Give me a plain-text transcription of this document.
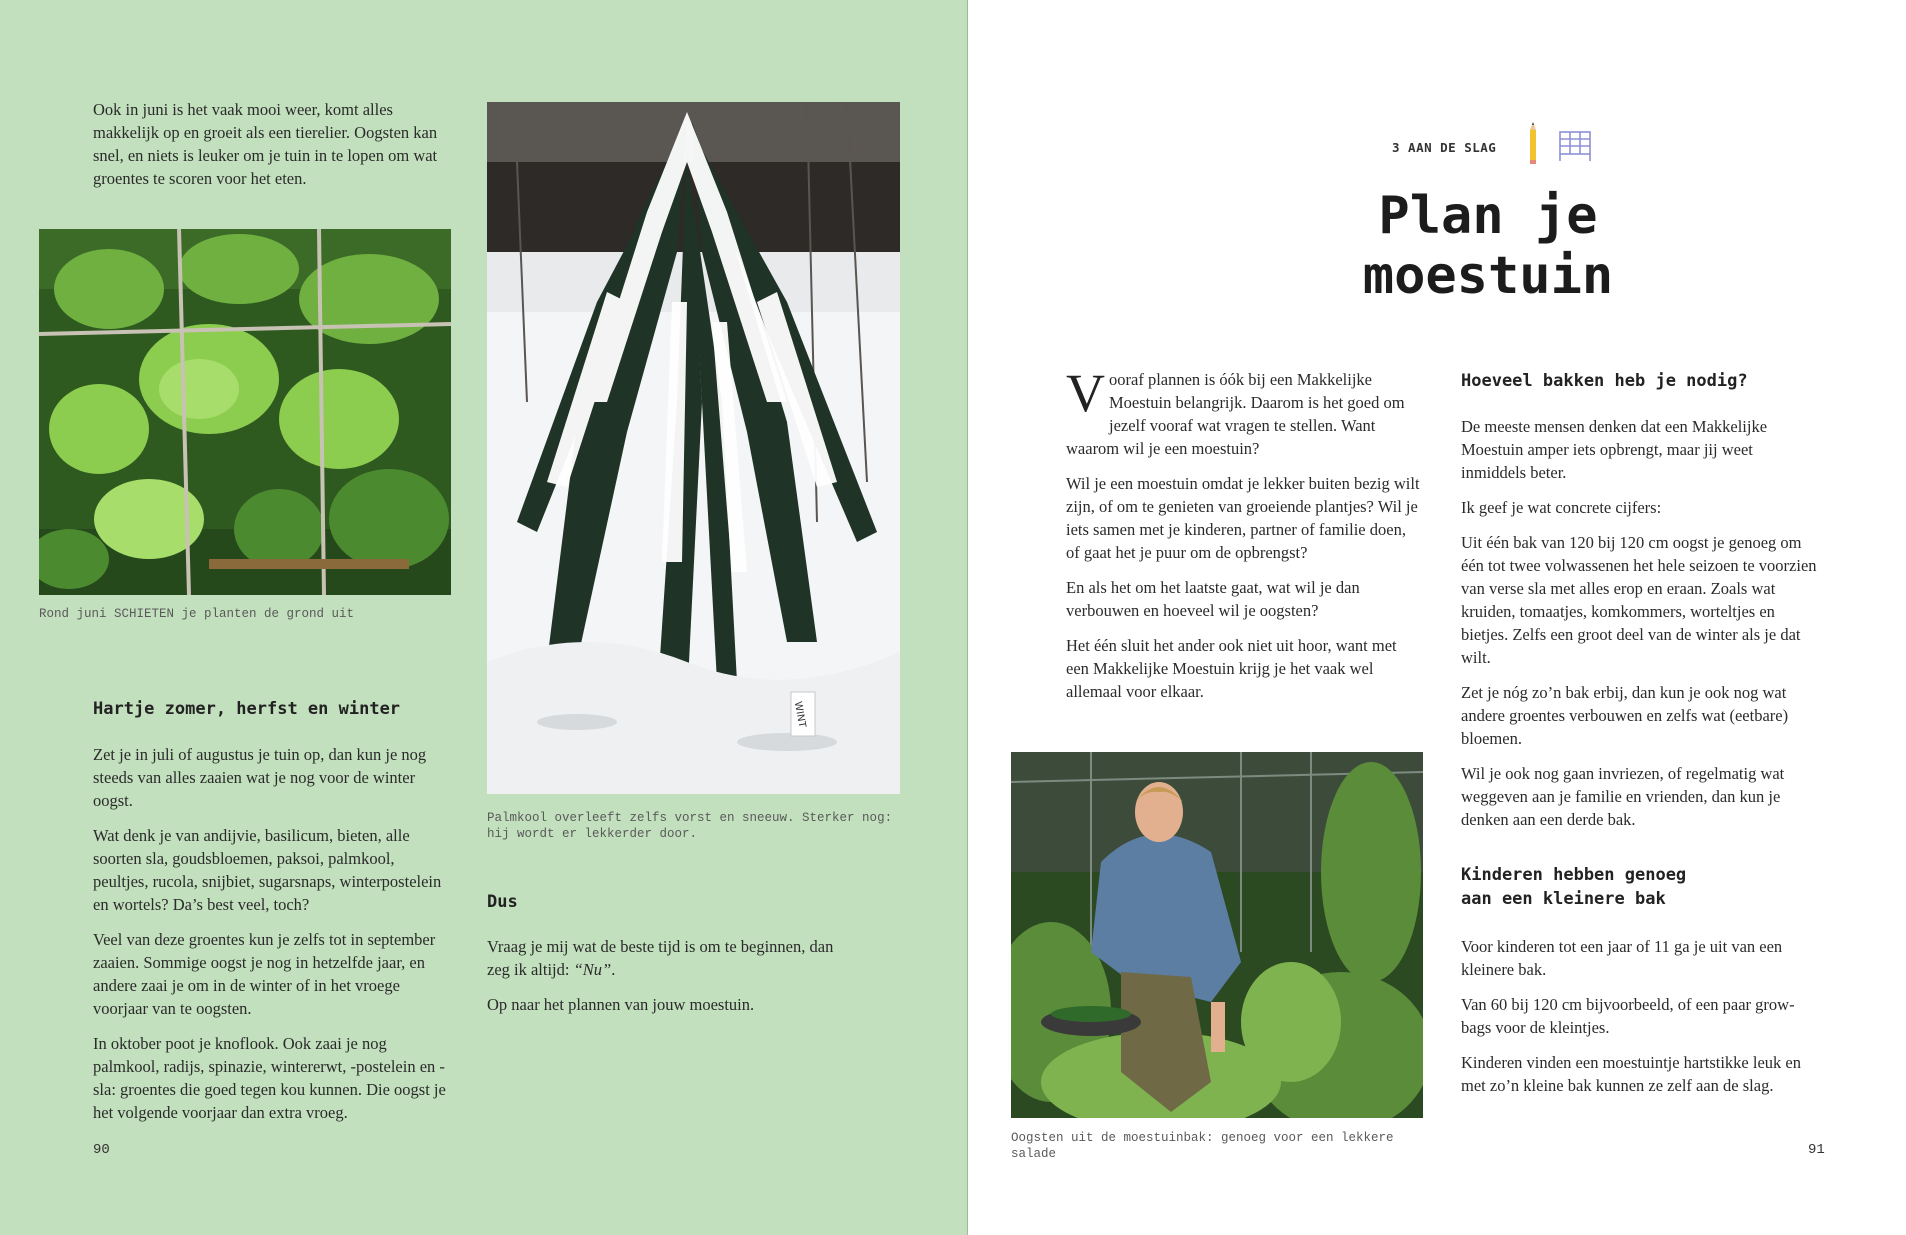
Ook in juni is het vaak mooi weer, komt alles makkelijk op en groeit als een tierelier. Oogsten kan snel, en niets is leuker om je tuin in te lopen om wat groentes te scoren voor het eten.

Rond juni SCHIETEN je planten de grond uit

WINT

Palmkool overleeft zelfs vorst en sneeuw. Sterker nog: hij wordt er lekkerder door.

Hartje zomer, herfst en winter

Zet je in juli of augustus je tuin op, dan kun je nog steeds van alles zaaien wat je nog voor de winter oogst.

Wat denk je van andijvie, basilicum, bieten, alle soorten sla, goudsbloemen, paksoi, palmkool, peultjes, rucola, snijbiet, sugarsnaps, winterpostelein en wortels? Da’s best veel, toch?

Veel van deze groentes kun je zelfs tot in september zaaien. Sommige oogst je nog in hetzelfde jaar, en andere zaai je om in de winter of in het vroege voorjaar van te oogsten.

In oktober poot je knoflook. Ook zaai je nog palmkool, radijs, spinazie, wintererwt, -postelein en -sla: groentes die goed tegen kou kunnen. Die oogst je het volgende voorjaar dan extra vroeg.

Dus

Vraag je mij wat de beste tijd is om te beginnen, dan zeg ik altijd: “Nu”.

Op naar het plannen van jouw moestuin.

90
3 AAN DE SLAG
Plan je
moestuin

Vooraf plannen is óók bij een Makkelijke Moestuin belangrijk. Daarom is het goed om jezelf vooraf wat vragen te stellen. Want waarom wil je een moestuin?

Wil je een moestuin omdat je lekker buiten bezig wilt zijn, of om te genieten van groeiende plantjes? Wil je iets samen met je kinderen, partner of familie doen, of gaat het je puur om de opbrengst?

En als het om het laatste gaat, wat wil je dan verbouwen en hoeveel wil je oogsten?

Het één sluit het ander ook niet uit hoor, want met een Makkelijke Moestuin krijg je het vaak wel allemaal voor elkaar.

Oogsten uit de moestuinbak: genoeg voor een lekkere salade

Hoeveel bakken heb je nodig?

De meeste mensen denken dat een Makkelijke Moestuin amper iets opbrengt, maar jij weet inmiddels beter.

Ik geef je wat concrete cijfers:

Uit één bak van 120 bij 120 cm oogst je genoeg om één tot twee volwassenen het hele seizoen te voorzien van verse sla met alles erop en eraan. Zoals wat kruiden, tomaatjes, komkommers, worteltjes en bietjes. Zelfs een groot deel van de winter als je dat wilt.

Zet je nóg zo’n bak erbij, dan kun je ook nog wat andere groentes verbouwen en zelfs wat (eetbare) bloemen.

Wil je ook nog gaan invriezen, of regelmatig wat weggeven aan je familie en vrienden, dan kun je denken aan een derde bak.

Kinderen hebben genoeg
aan een kleinere bak

Voor kinderen tot een jaar of 11 ga je uit van een kleinere bak.

Van 60 bij 120 cm bijvoorbeeld, of een paar grow-bags voor de kleintjes.

Kinderen vinden een moestuintje hartstikke leuk en met zo’n kleine bak kunnen ze zelf aan de slag.

91
